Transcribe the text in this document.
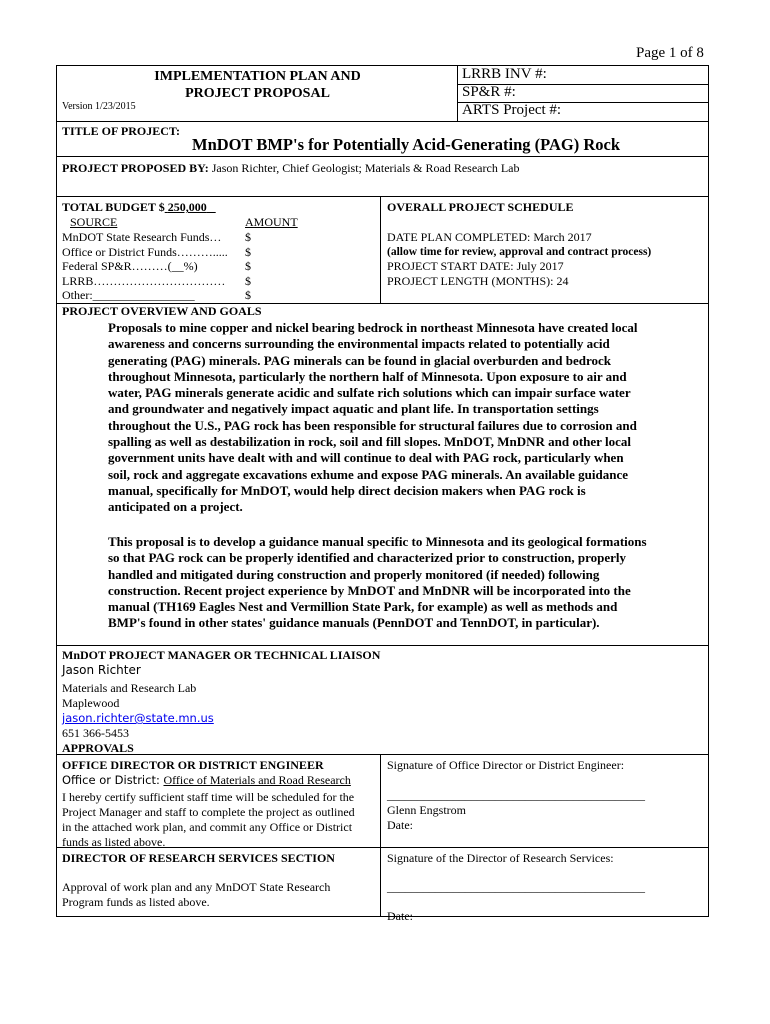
Page 1 of 8
IMPLEMENTATION PLAN AND
PROJECT PROPOSAL
Version 1/23/2015
LRRB INV #:
SP&R #:
ARTS Project #:
TITLE OF PROJECT:
MnDOT BMP's for Potentially Acid-Generating (PAG) Rock
PROJECT PROPOSED BY: Jason Richter, Chief Geologist; Materials & Road Research Lab
TOTAL BUDGET $ 250,000
SOURCE	AMOUNT
MnDOT State Research Funds…
Office or District Funds……….....
Federal SP&R………(__%)
LRRB……………………………
Other:_________________
$
$
$
$
$
OVERALL PROJECT SCHEDULE
DATE PLAN COMPLETED: March 2017
(allow time for review, approval and contract process)
PROJECT START DATE: July 2017
PROJECT LENGTH (MONTHS): 24
PROJECT OVERVIEW AND GOALS
Proposals to mine copper and nickel bearing bedrock in northeast Minnesota have created local
awareness and concerns surrounding the environmental impacts related to potentially acid
generating (PAG) minerals. PAG minerals can be found in glacial overburden and bedrock
throughout Minnesota, particularly the northern half of Minnesota. Upon exposure to air and
water, PAG minerals generate acidic and sulfate rich solutions which can impair surface water
and groundwater and negatively impact aquatic and plant life. In transportation settings
throughout the U.S., PAG rock has been responsible for structural failures due to corrosion and
spalling as well as destabilization in rock, soil and fill slopes. MnDOT, MnDNR and other local
government units have dealt with and will continue to deal with PAG rock, particularly when
soil, rock and aggregate excavations exhume and expose PAG minerals. An available guidance
manual, specifically for MnDOT, would help direct decision makers when PAG rock is
anticipated on a project.
This proposal is to develop a guidance manual specific to Minnesota and its geological formations
so that PAG rock can be properly identified and characterized prior to construction, properly
handled and mitigated during construction and properly monitored (if needed) following
construction. Recent project experience by MnDOT and MnDNR will be incorporated into the
manual (TH169 Eagles Nest and Vermillion State Park, for example) as well as methods and
BMP's found in other states' guidance manuals (PennDOT and TennDOT, in particular).
MnDOT PROJECT MANAGER OR TECHNICAL LIAISON
Jason Richter
Materials and Research Lab
Maplewood
jason.richter@state.mn.us
651 366-5453
APPROVALS
OFFICE DIRECTOR OR DISTRICT ENGINEER
Office or District: Office of Materials and Road Research
I hereby certify sufficient staff time will be scheduled for the
Project Manager and staff to complete the project as outlined
in the attached work plan, and commit any Office or District
funds as listed above.
Signature of Office Director or District Engineer:
___________________________________________
Glenn Engstrom
Date:
DIRECTOR OF RESEARCH SERVICES SECTION
Approval of work plan and any MnDOT State Research
Program funds as listed above.
Signature of the Director of Research Services:
___________________________________________
Date:
